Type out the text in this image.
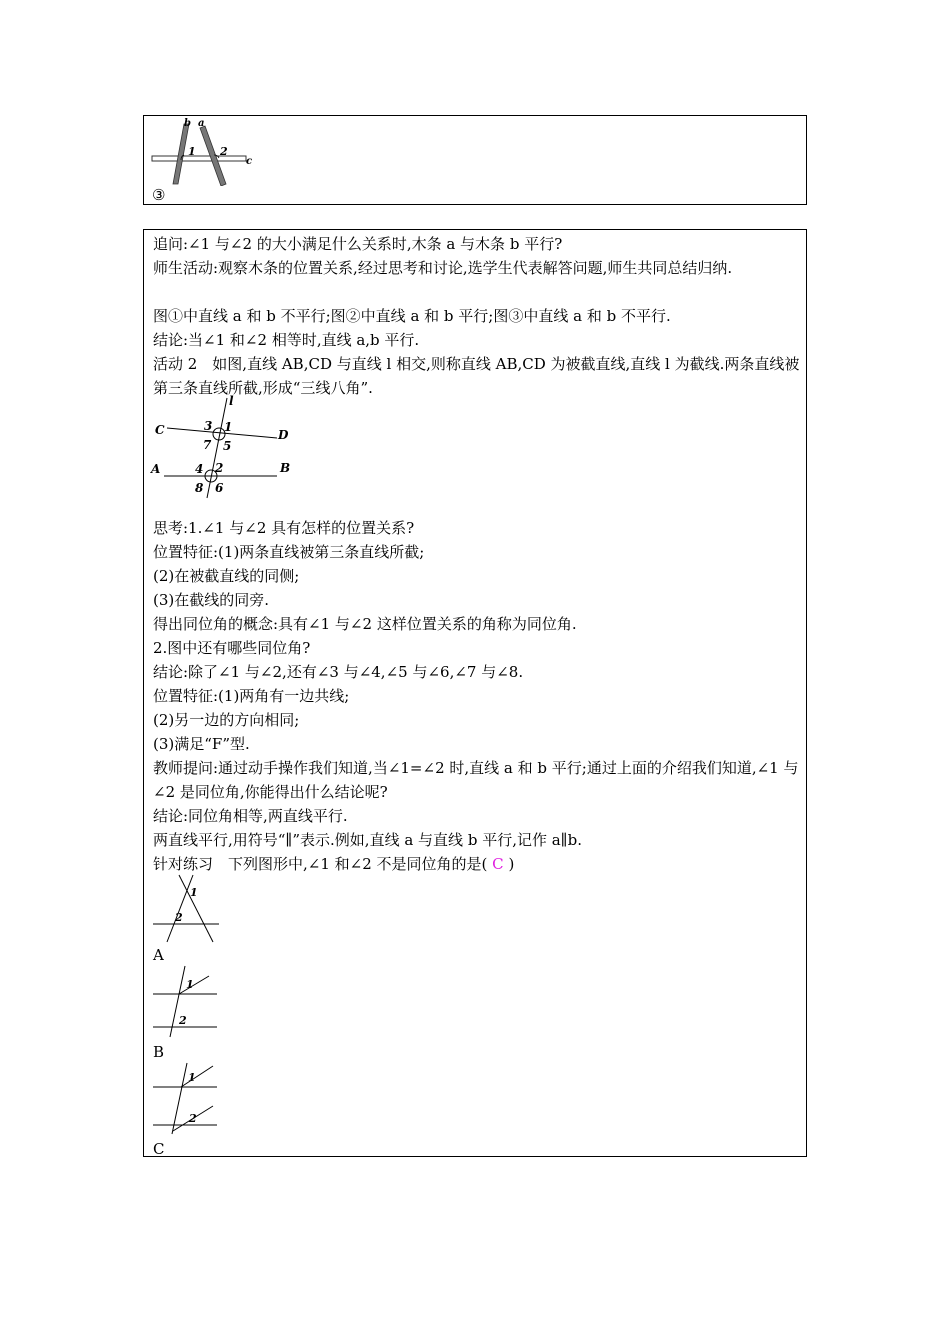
b a
1 2
c
③
追问:∠1 与∠2 的大小满足什么关系时,木条 a 与木条 b 平行?
师生活动:观察木条的位置关系,经过思考和讨论,选学生代表解答问题,师生共同总结归纳.
图①中直线 a 和 b 不平行;图②中直线 a 和 b 平行;图③中直线 a 和 b 不平行.
结论:当∠1 和∠2 相等时,直线 a,b 平行.
活动 2　如图,直线 AB,CD 与直线 l 相交,则称直线 AB,CD 为被截直线,直线 l 为截线.两条直线被第三条直线所截,形成“三线八角”.
l
C	D
A	B
3 1
7 5
4 2
8 6
思考:1.∠1 与∠2 具有怎样的位置关系?
位置特征:(1)两条直线被第三条直线所截;
(2)在被截直线的同侧;
(3)在截线的同旁.
得出同位角的概念:具有∠1 与∠2 这样位置关系的角称为同位角.
2.图中还有哪些同位角?
结论:除了∠1 与∠2,还有∠3 与∠4,∠5 与∠6,∠7 与∠8.
位置特征:(1)两角有一边共线;
(2)另一边的方向相同;
(3)满足“F”型.
教师提问:通过动手操作我们知道,当∠1=∠2 时,直线 a 和 b 平行;通过上面的介绍我们知道,∠1 与∠2 是同位角,你能得出什么结论呢?
结论:同位角相等,两直线平行.
两直线平行,用符号“∥”表示.例如,直线 a 与直线 b 平行,记作 a∥b.
针对练习　下列图形中,∠1 和∠2 不是同位角的是( C )
1
2
A
1
2
B
1
2
C
